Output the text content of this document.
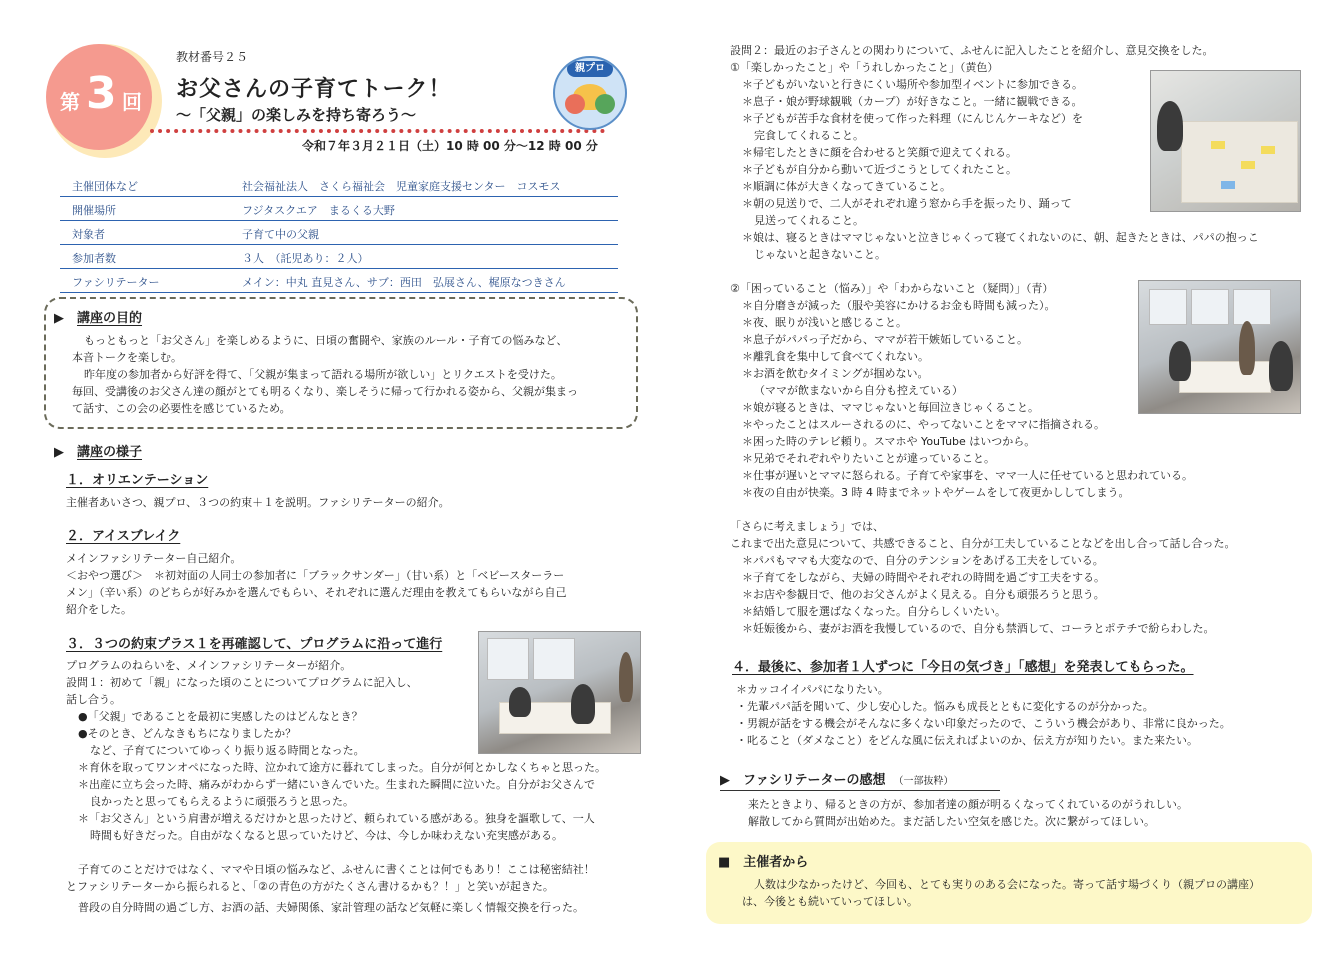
第 3 回
教材番号２５
お父さんの子育てトーク！
～「父親」の楽しみを持ち寄ろう～
令和７年３月２１日（土）10 時 00 分～12 時 00 分
親プロ
主催団体など	社会福祉法人　さくら福祉会　児童家庭支援センター　コスモス
開催場所	フジタスクエア　まるくる大野
対象者	子育て中の父親
参加者数	３人　（託児あり：２人）
ファシリテーター	メイン：中丸 直見さん、サブ：西田　弘展さん、梶原なつきさん
▶　講座の目的
もっともっと「お父さん」を楽しめるように、日頃の奮闘や、家族のルール・子育ての悩みなど、
本音トークを楽しむ。
昨年度の参加者から好評を得て、「父親が集まって語れる場所が欲しい」とリクエストを受けた。
毎回、受講後のお父さん達の顔がとても明るくなり、楽しそうに帰って行かれる姿から、父親が集まっ
て話す、この会の必要性を感じているため。
▶　講座の様子
１．オリエンテーション
主催者あいさつ、親プロ、３つの約束＋１を説明。ファシリテーターの紹介。
２．アイスブレイク
メインファシリテーター自己紹介。
＜おやつ選び＞　＊初対面の人同士の参加者に「ブラックサンダー」（甘い系）と「ベビースターラー
メン」（辛い系）のどちらが好みかを選んでもらい、それぞれに選んだ理由を教えてもらいながら自己
紹介をした。
３．３つの約束プラス１を再確認して、プログラムに沿って進行
プログラムのねらいを、メインファシリテーターが紹介。
設問１：初めて「親」になった頃のことについてプログラムに記入し、
話し合う。
●「父親」であることを最初に実感したのはどんなとき？
●そのとき、どんなきもちになりましたか？
など、子育てについてゆっくり振り返る時間となった。
＊育休を取ってワンオペになった時、泣かれて途方に暮れてしまった。自分が何とかしなくちゃと思った。
＊出産に立ち会った時、痛みがわからず一緒にいきんでいた。生まれた瞬間に泣いた。自分がお父さんで
良かったと思ってもらえるように頑張ろうと思った。
＊「お父さん」という肩書が増えるだけかと思ったけど、頼られている感がある。独身を謳歌して、一人
時間も好きだった。自由がなくなると思っていたけど、今は、今しか味わえない充実感がある。
子育てのことだけではなく、ママや日頃の悩みなど、ふせんに書くことは何でもあり！ここは秘密結社！
とファシリテーターから振られると、「②の青色の方がたくさん書けるかも？！」と笑いが起きた。
普段の自分時間の過ごし方、お酒の話、夫婦関係、家計管理の話など気軽に楽しく情報交換を行った。
設問２：最近のお子さんとの関わりについて、ふせんに記入したことを紹介し、意見交換をした。
①「楽しかったこと」や「うれしかったこと」（黄色）
＊子どもがいないと行きにくい場所や参加型イベントに参加できる。
＊息子・娘が野球観戦（カープ）が好きなこと。一緒に観戦できる。
＊子どもが苦手な食材を使って作った料理（にんじんケーキなど）を
完食してくれること。
＊帰宅したときに顔を合わせると笑顔で迎えてくれる。
＊子どもが自分から動いて近づこうとしてくれたこと。
＊順調に体が大きくなってきていること。
＊朝の見送りで、二人がそれぞれ違う窓から手を振ったり、踊って
見送ってくれること。
＊娘は、寝るときはママじゃないと泣きじゃくって寝てくれないのに、朝、起きたときは、パパの抱っこ
じゃないと起きないこと。
②「困っていること（悩み）」や「わからないこと（疑問）」（青）
＊自分磨きが減った（服や美容にかけるお金も時間も減った）。
＊夜、眠りが浅いと感じること。
＊息子がパパっ子だから、ママが若干嫉妬していること。
＊離乳食を集中して食べてくれない。
＊お酒を飲むタイミングが掴めない。
（ママが飲まないから自分も控えている）
＊娘が寝るときは、ママじゃないと毎回泣きじゃくること。
＊やったことはスルーされるのに、やってないことをママに指摘される。
＊困った時のテレビ頼り。スマホや YouTube はいつから。
＊兄弟でそれぞれやりたいことが違っていること。
＊仕事が遅いとママに怒られる。子育てや家事を、ママ一人に任せていると思われている。
＊夜の自由が快楽。3 時 4 時までネットやゲームをして夜更かししてしまう。
「さらに考えましょう」では、
これまで出た意見について、共感できること、自分が工夫していることなどを出し合って話し合った。
＊パパもママも大変なので、自分のテンションをあげる工夫をしている。
＊子育てをしながら、夫婦の時間やそれぞれの時間を過ごす工夫をする。
＊お店や参観日で、他のお父さんがよく見える。自分も頑張ろうと思う。
＊結婚して服を選ばなくなった。自分らしくいたい。
＊妊娠後から、妻がお酒を我慢しているので、自分も禁酒して、コーラとポテチで紛らわした。
４．最後に、参加者１人ずつに「今日の気づき」「感想」を発表してもらった。
＊カッコイイパパになりたい。
・先輩パパ話を聞いて、少し安心した。悩みも成長とともに変化するのが分かった。
・男親が話をする機会がそんなに多くない印象だったので、こういう機会があり、非常に良かった。
・叱ること（ダメなこと）をどんな風に伝えればよいのか、伝え方が知りたい。また来たい。
▶　ファシリテーターの感想　 （一部抜粋）
来たときより、帰るときの方が、参加者達の顔が明るくなってくれているのがうれしい。
解散してから質問が出始めた。まだ話したい空気を感じた。次に繋がってほしい。
■　主催者から
人数は少なかったけど、今回も、とても実りのある会になった。寄って話す場づくり（親プロの講座）
は、今後とも続いていってほしい。
